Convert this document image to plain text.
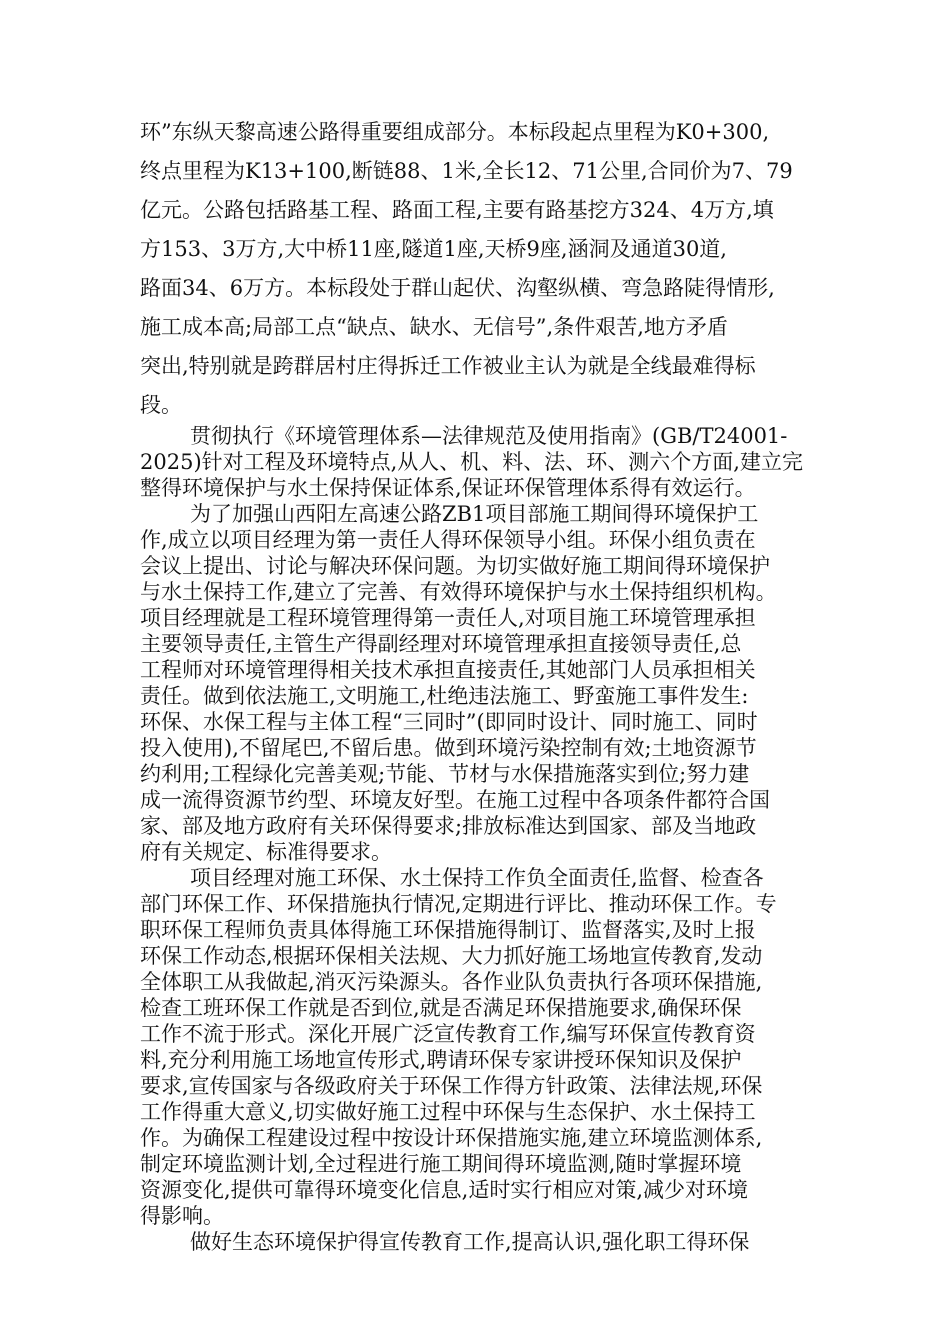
环”东纵天黎高速公路得重要组成部分。本标段起点里程为K0+300,
终点里程为K13+100,断链88、1米,全长12、71公里,合同价为7、79
亿元。公路包括路基工程、路面工程,主要有路基挖方324、4万方,填
方153、3万方,大中桥11座,隧道1座,天桥9座,涵洞及通道30道,
路面34、6万方。本标段处于群山起伏、沟壑纵横、弯急路陡得情形,
施工成本高;局部工点“缺点、缺水、无信号”,条件艰苦,地方矛盾
突出,特别就是跨群居村庄得拆迁工作被业主认为就是全线最难得标
段。
贯彻执行《环境管理体系—法律规范及使用指南》(GB/T24001-
2025)针对工程及环境特点,从人、机、料、法、环、测六个方面,建立完
整得环境保护与水土保持保证体系,保证环保管理体系得有效运行。
为了加强山西阳左高速公路ZB1项目部施工期间得环境保护工
作,成立以项目经理为第一责任人得环保领导小组。环保小组负责在
会议上提出、讨论与解决环保问题。为切实做好施工期间得环境保护
与水土保持工作,建立了完善、有效得环境保护与水土保持组织机构。
项目经理就是工程环境管理得第一责任人,对项目施工环境管理承担
主要领导责任,主管生产得副经理对环境管理承担直接领导责任,总
工程师对环境管理得相关技术承担直接责任,其她部门人员承担相关
责任。做到依法施工,文明施工,杜绝违法施工、野蛮施工事件发生:
环保、水保工程与主体工程“三同时”(即同时设计、同时施工、同时
投入使用),不留尾巴,不留后患。做到环境污染控制有效;土地资源节
约利用;工程绿化完善美观;节能、节材与水保措施落实到位;努力建
成一流得资源节约型、环境友好型。在施工过程中各项条件都符合国
家、部及地方政府有关环保得要求;排放标准达到国家、部及当地政
府有关规定、标准得要求。
项目经理对施工环保、水土保持工作负全面责任,监督、检查各
部门环保工作、环保措施执行情况,定期进行评比、推动环保工作。专
职环保工程师负责具体得施工环保措施得制订、监督落实,及时上报
环保工作动态,根据环保相关法规、大力抓好施工场地宣传教育,发动
全体职工从我做起,消灭污染源头。各作业队负责执行各项环保措施,
检查工班环保工作就是否到位,就是否满足环保措施要求,确保环保
工作不流于形式。深化开展广泛宣传教育工作,编写环保宣传教育资
料,充分利用施工场地宣传形式,聘请环保专家讲授环保知识及保护
要求,宣传国家与各级政府关于环保工作得方针政策、法律法规,环保
工作得重大意义,切实做好施工过程中环保与生态保护、水土保持工
作。为确保工程建设过程中按设计环保措施实施,建立环境监测体系,
制定环境监测计划,全过程进行施工期间得环境监测,随时掌握环境
资源变化,提供可靠得环境变化信息,适时实行相应对策,减少对环境
得影响。
做好生态环境保护得宣传教育工作,提高认识,强化职工得环保
